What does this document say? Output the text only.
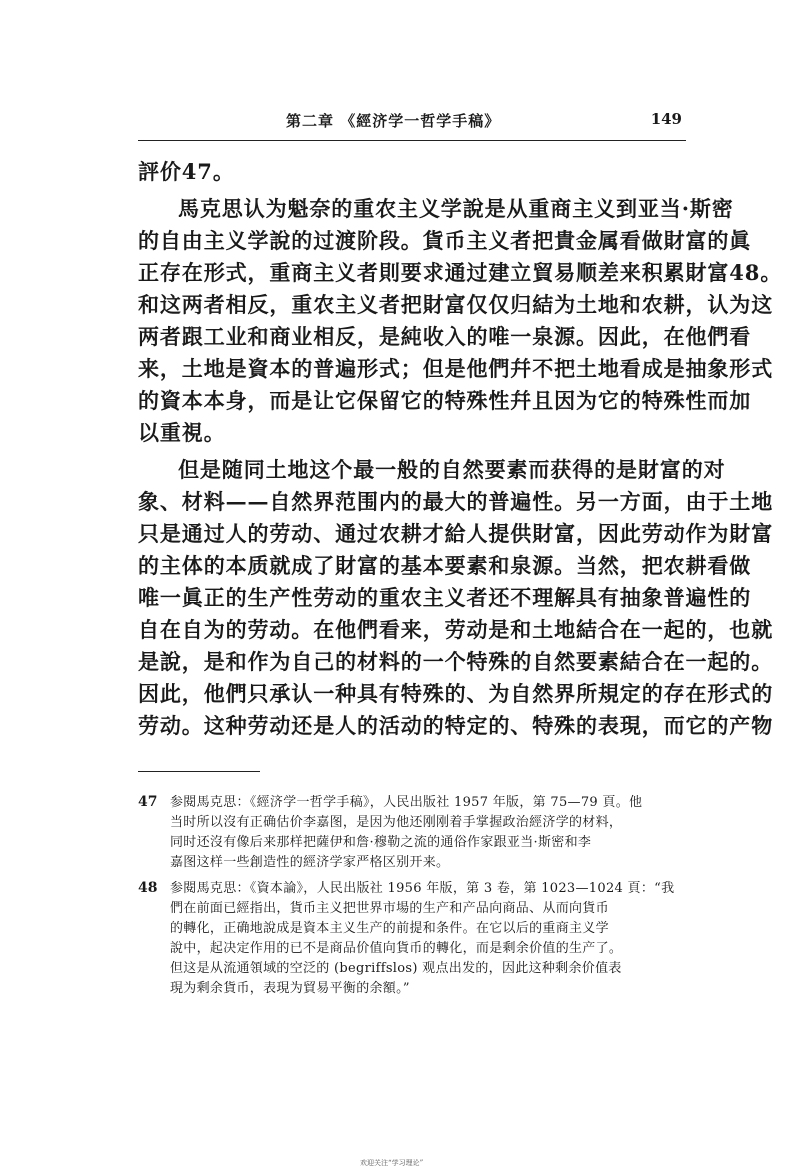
第二章 《經济学一哲学手稿》	149
評价47。
馬克思认为魁奈的重农主义学說是从重商主义到亚当·斯密
的自由主义学說的过渡阶段。貨币主义者把貴金属看做財富的眞
正存在形式，重商主义者則要求通过建立貿易顺差来积累財富48。
和这两者相反，重农主义者把財富仅仅归結为土地和农耕，认为这
两者跟工业和商业相反，是純收入的唯一泉源。因此，在他們看
来，土地是資本的普遍形式；但是他們幷不把土地看成是抽象形式
的資本本身，而是让它保留它的特殊性幷且因为它的特殊性而加
以重視。
但是随同土地这个最一般的自然要素而获得的是財富的对
象、材料——自然界范围内的最大的普遍性。另一方面，由于土地
只是通过人的劳动、通过农耕才給人提供財富，因此劳动作为財富
的主体的本质就成了財富的基本要素和泉源。当然，把农耕看做
唯一眞正的生产性劳动的重农主义者还不理解具有抽象普遍性的
自在自为的劳动。在他們看来，劳动是和土地結合在一起的，也就
是說，是和作为自己的材料的一个特殊的自然要素結合在一起的。
因此，他們只承认一种具有特殊的、为自然界所規定的存在形式的
劳动。这种劳动还是人的活动的特定的、特殊的表現，而它的产物
47 参閱馬克思：《經济学一哲学手稿》，人民出版社 1957 年版，第 75—79 頁。他
当时所以沒有正确估价李嘉图，是因为他还刚刚着手掌握政治經济学的材料，
同时还沒有像后来那样把薩伊和詹·穆勒之流的通俗作家跟亚当·斯密和李
嘉图这样一些創造性的經济学家严格区别开来。
48 参閱馬克思：《資本論》，人民出版社 1956 年版，第 3 卷，第 1023—1024 頁：“我
們在前面已經指出，貨币主义把世界市場的生产和产品向商品、从而向貨币
的轉化，正确地說成是資本主义生产的前提和条件。在它以后的重商主义学
說中，起决定作用的已不是商品价值向貨币的轉化，而是剩余价值的生产了。
但这是从流通領域的空泛的 (begriffslos) 观点出发的，因此这种剩余价值表
現为剩余貨币，表現为貿易平衡的余額。”
欢迎关注“学习理论”
